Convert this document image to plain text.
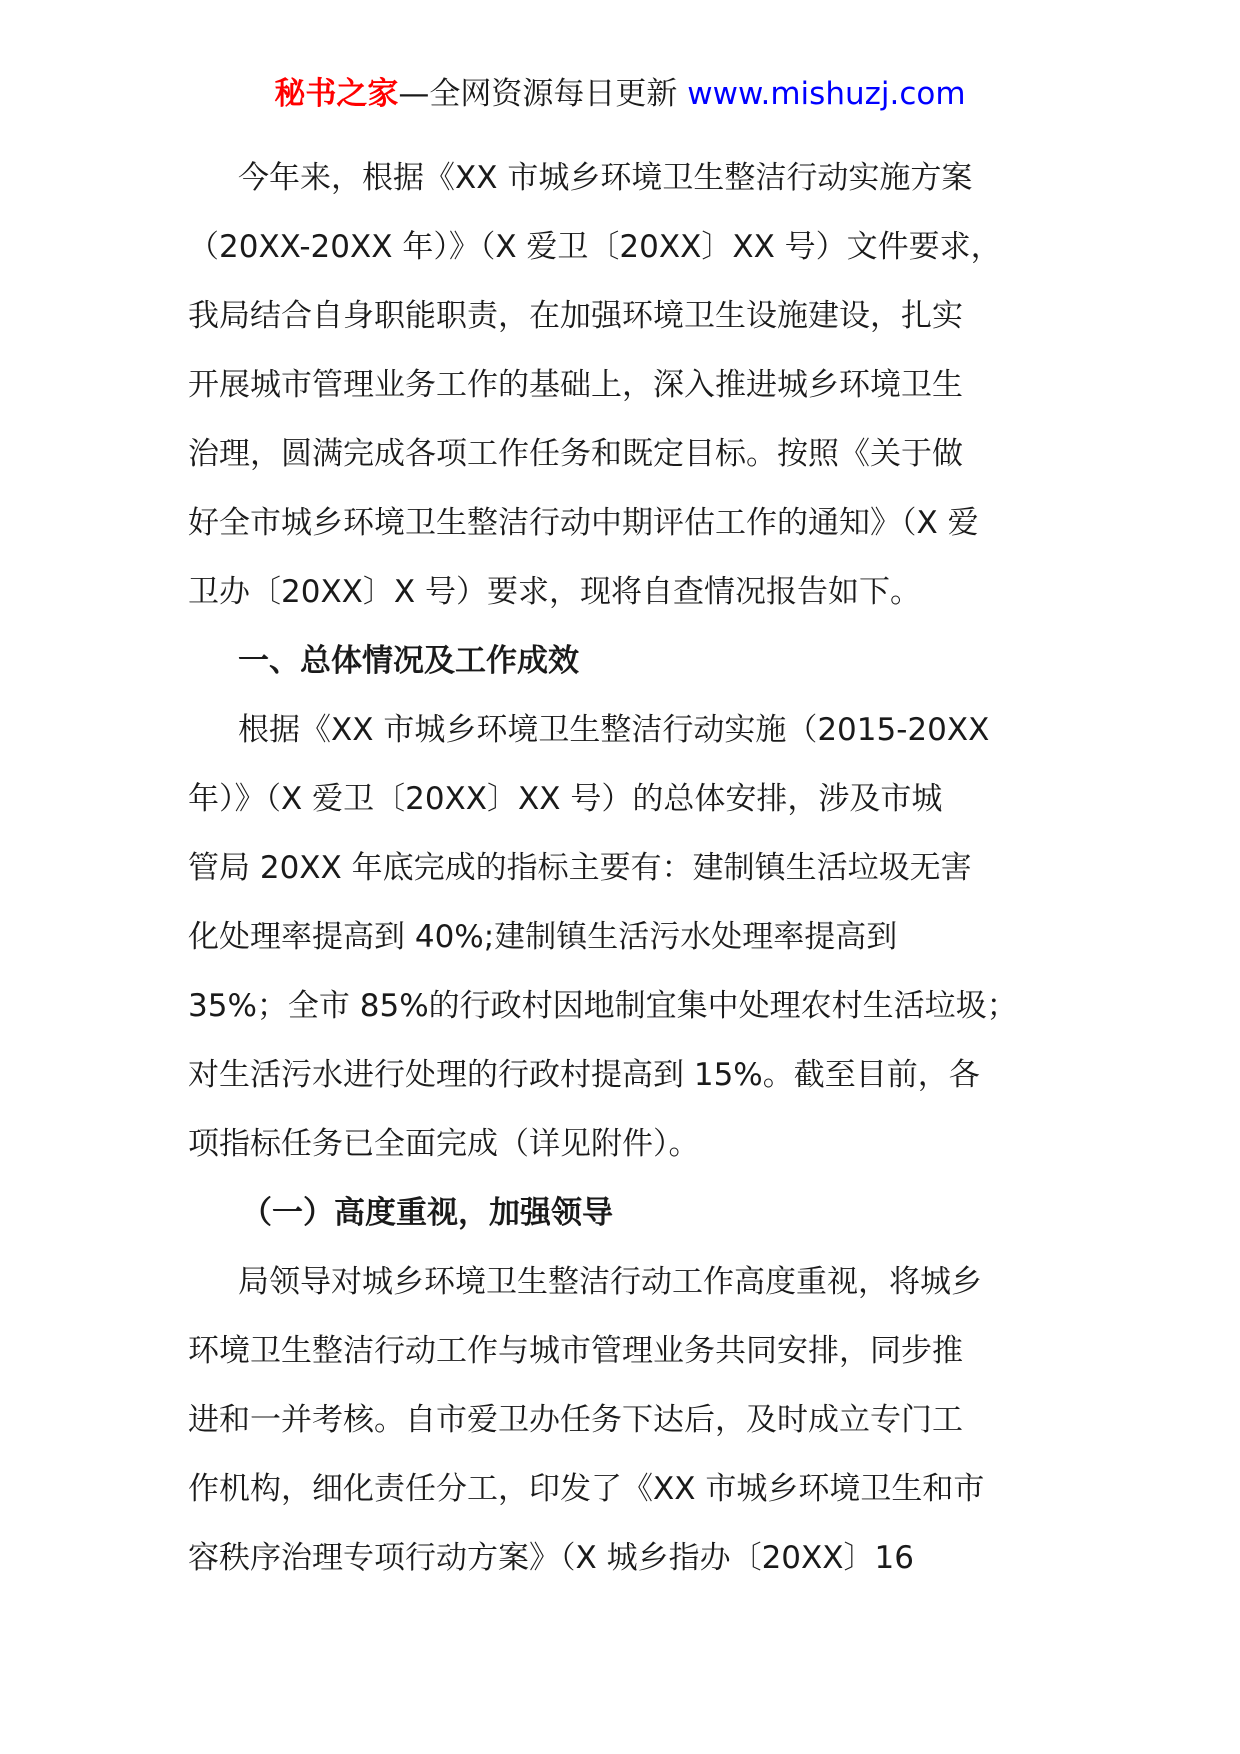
秘书之家—全网资源每日更新 www.mishuzj.com
今年来，根据《XX 市城乡环境卫生整洁行动实施方案
（20XX-20XX 年）》（X 爱卫〔20XX〕XX 号）文件要求，
我局结合自身职能职责，在加强环境卫生设施建设，扎实
开展城市管理业务工作的基础上，深入推进城乡环境卫生
治理，圆满完成各项工作任务和既定目标。按照《关于做
好全市城乡环境卫生整洁行动中期评估工作的通知》（X 爱
卫办〔20XX〕X 号）要求，现将自查情况报告如下。
一、总体情况及工作成效
根据《XX 市城乡环境卫生整洁行动实施（2015-20XX
年）》（X 爱卫〔20XX〕XX 号）的总体安排，涉及市城
管局 20XX 年底完成的指标主要有：建制镇生活垃圾无害
化处理率提高到 40%;建制镇生活污水处理率提高到
35%；全市 85%的行政村因地制宜集中处理农村生活垃圾；
对生活污水进行处理的行政村提高到 15%。截至目前，各
项指标任务已全面完成（详见附件）。
（一）高度重视，加强领导
局领导对城乡环境卫生整洁行动工作高度重视，将城乡
环境卫生整洁行动工作与城市管理业务共同安排，同步推
进和一并考核。自市爱卫办任务下达后，及时成立专门工
作机构，细化责任分工，印发了《XX 市城乡环境卫生和市
容秩序治理专项行动方案》（X 城乡指办〔20XX〕16
